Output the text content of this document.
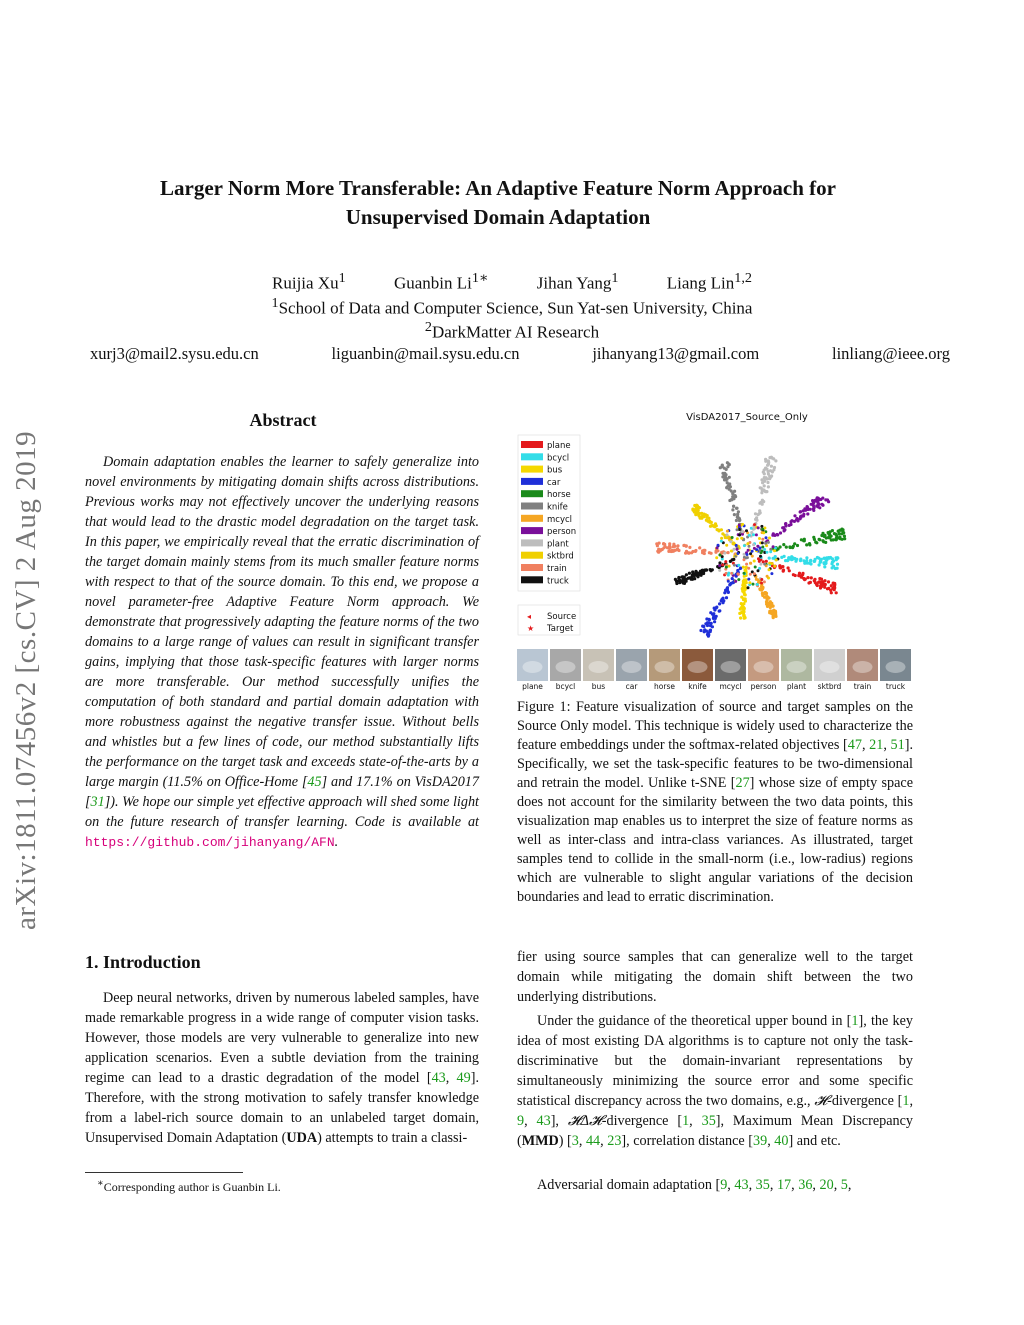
Larger Norm More Transferable: An Adaptive Feature Norm Approach for
Unsupervised Domain Adaptation
Ruijia Xu$^1$	Guanbin $Li^{1∗}$	Jihan Yang$^1$	Liang Lin$^{1,2}$
$^1$School of Data and Computer Science, Sun Yat-sen University, China
$^2$DarkMatter AI Research
xurj3@mail2.sysu.edu.cn	liguanbin@mail.sysu.edu.cn	jihanyang13@gmail.com	linliang@ieee.org
arXiv:1811.07456v2 [cs.CV] 2 Aug 2019
Abstract
Domain adaptation enables the learner to safely generalize into novel environments by mitigating domain shifts across distributions. Previous works may not effectively uncover the underlying reasons that would lead to the drastic model degradation on the target task. In this paper, we empirically reveal that the erratic discrimination of the target domain mainly stems from its much smaller feature norms with respect to that of the source domain. To this end, we propose a novel parameter-free Adaptive Feature Norm approach. We demonstrate that progressively adapting the feature norms of the two domains to a large range of values can result in significant transfer gains, implying that those task-specific features with larger norms are more transferable. Our method successfully unifies the computation of both standard and partial domain adaptation with more robustness against the negative transfer issue. Without bells and whistles but a few lines of code, our method substantially lifts the performance on the target task and exceeds state-of-the-arts by a large margin (11.5% on Office-Home [45] and 17.1% on VisDA2017 [31]). We hope our simple yet effective approach will shed some light on the future research of transfer learning. Code is available at https://github.com/jihanyang/AFN.
1. Introduction
Deep neural networks, driven by numerous labeled samples, have made remarkable progress in a wide range of computer vision tasks. However, those models are very vulnerable to generalize into new application scenarios. Even a subtle deviation from the training regime can lead to a drastic degradation of the model [43, 49]. Therefore, with the strong motivation to safely transfer knowledge from a label-rich source domain to an unlabeled target domain, Unsupervised Domain Adaptation (UDA) attempts to train a classi-
∗Corresponding author is Guanbin Li.
VisDA2017_Source_Only
plane
bcycl
bus
car
horse
knife
mcycl
person
plant
sktbrd
train
truck
◂ Source
★ Target
plane bcycl bus	car horse knife mcycl person plant sktbrd train truck
Figure 1: Feature visualization of source and target samples on the Source Only model. This technique is widely used to characterize the feature embeddings under the softmax-related objectives [47, 21, 51]. Specifically, we set the task-specific features to be two-dimensional and retrain the model. Unlike t-SNE [27] whose size of empty space does not account for the similarity between the two data points, this visualization map enables us to interpret the size of feature norms as well as inter-class and intra-class variances. As illustrated, target samples tend to collide in the small-norm (i.e., low-radius) regions which are vulnerable to slight angular variations of the decision boundaries and lead to erratic discrimination.
fier using source samples that can generalize well to the target domain while mitigating the domain shift between the two underlying distributions.
Under the guidance of the theoretical upper bound in [1], the key idea of most existing DA algorithms is to capture not only the task-discriminative but the domain-invariant representations by simultaneously minimizing the source error and some specific statistical discrepancy across the two domains, e.g., 𝓗-divergence [1, 9, 43], 𝓗Δ𝓗-divergence [1, 35], Maximum Mean Discrepancy (MMD) [3, 44, 23], correlation distance [39, 40] and etc.
Adversarial domain adaptation [9, 43, 35, 17, 36, 20, 5,
